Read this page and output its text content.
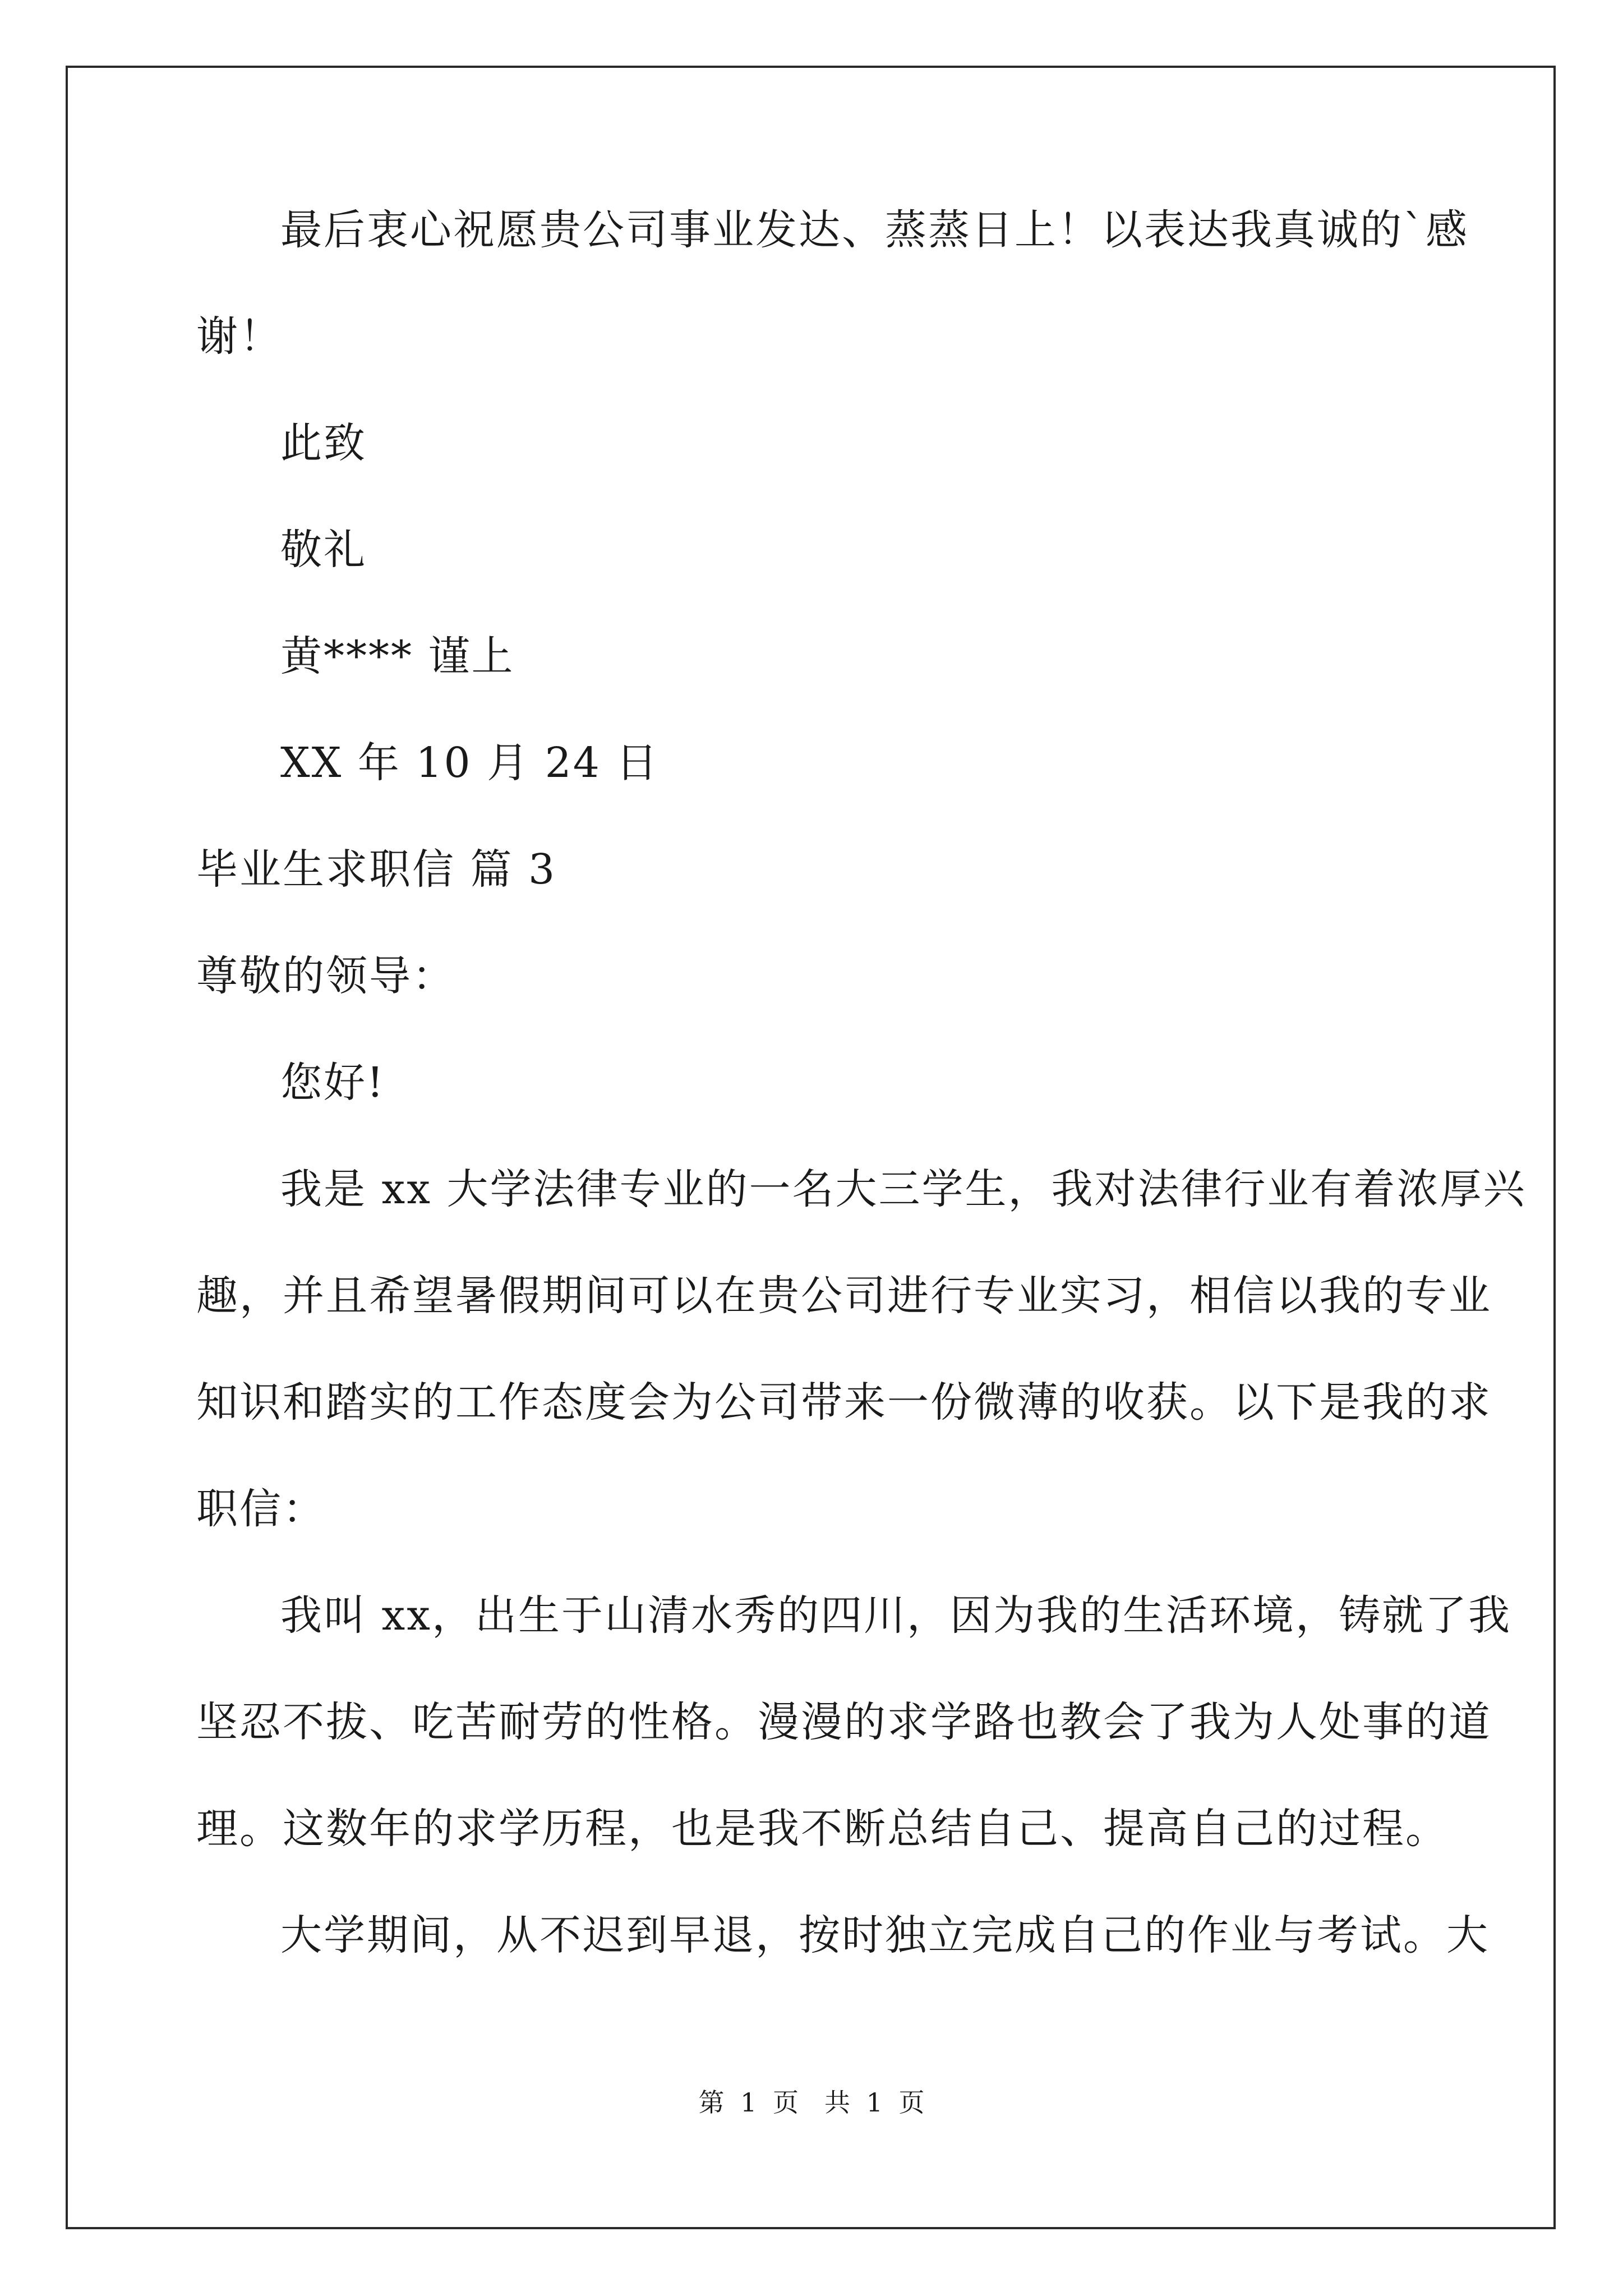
最后衷心祝愿贵公司事业发达、蒸蒸日上！以表达我真诚的`感
谢！
此致
敬礼
黄**** 谨上
XX 年 10 月 24 日
毕业生求职信 篇 3
尊敬的领导：
您好!
我是 xx 大学法律专业的一名大三学生，我对法律行业有着浓厚兴
趣，并且希望暑假期间可以在贵公司进行专业实习，相信以我的专业
知识和踏实的工作态度会为公司带来一份微薄的收获。以下是我的求
职信：
我叫 xx，出生于山清水秀的四川，因为我的生活环境，铸就了我
坚忍不拔、吃苦耐劳的性格。漫漫的求学路也教会了我为人处事的道
理。这数年的求学历程，也是我不断总结自己、提高自己的过程。
大学期间，从不迟到早退，按时独立完成自己的作业与考试。大
第 1 页　共 1 页
